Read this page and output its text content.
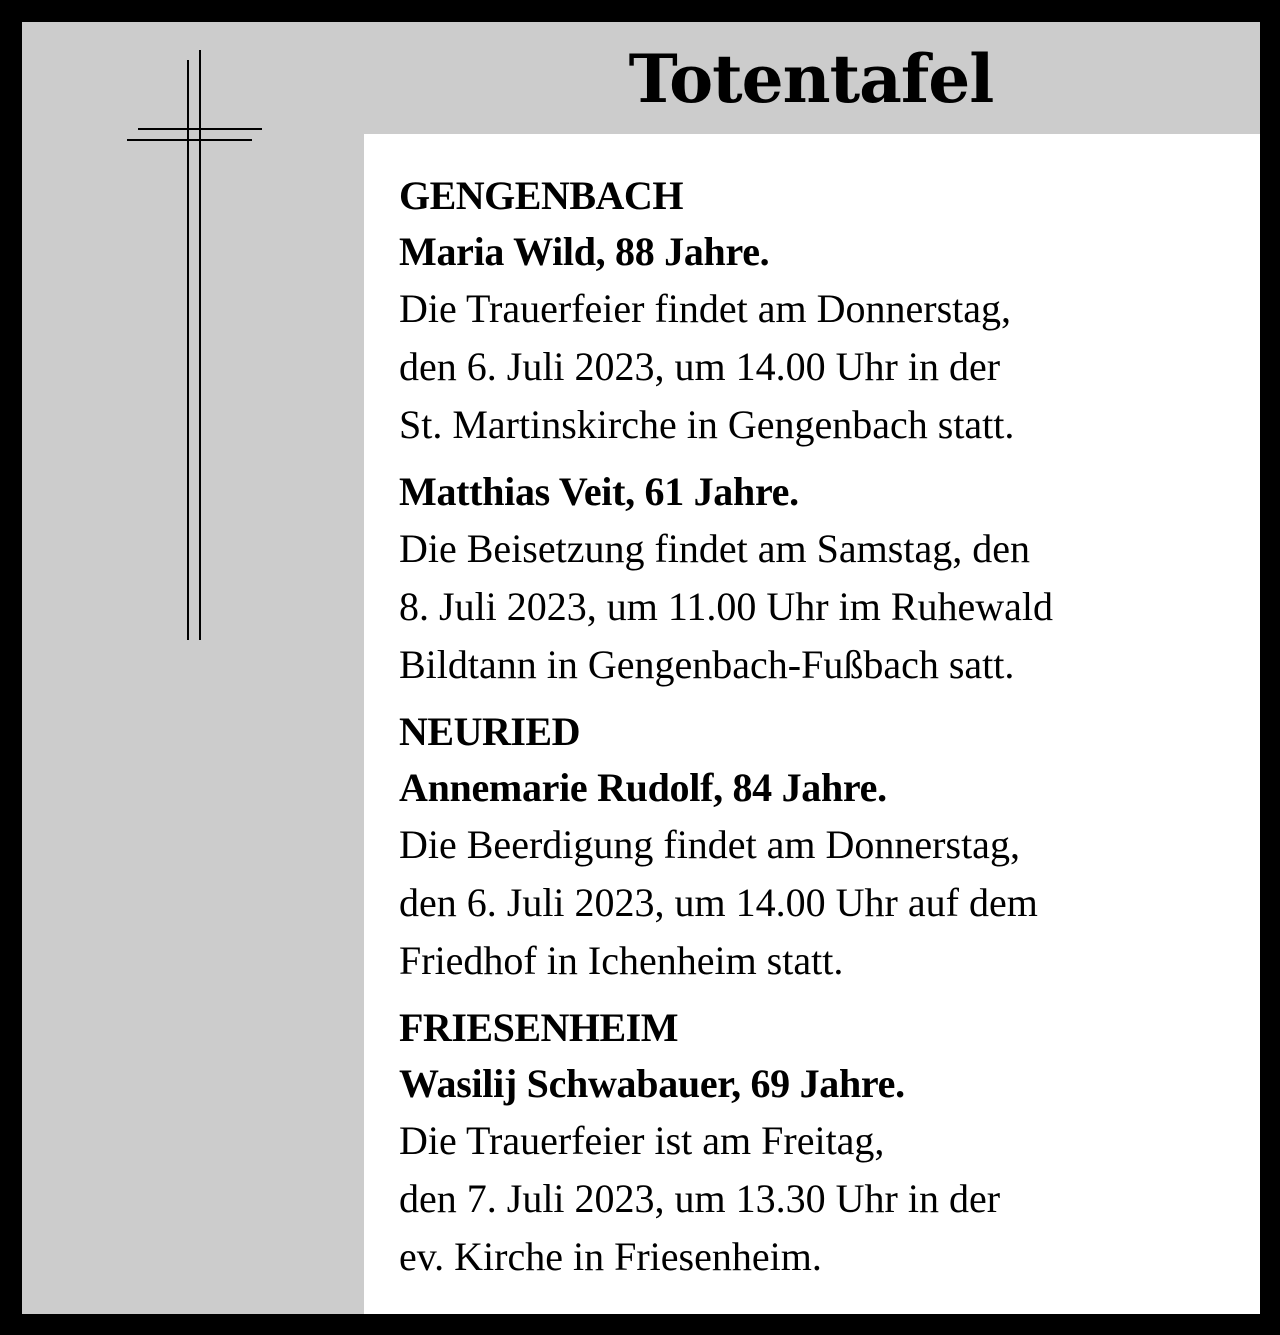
Totentafel

GENGENBACH

Maria Wild, 88 Jahre.

Die Trauerfeier findet am Donnerstag,

den 6. Juli 2023, um 14.00 Uhr in der

St. Martinskirche in Gengenbach statt.

Matthias Veit, 61 Jahre.

Die Beisetzung findet am Samstag, den

8. Juli 2023, um 11.00 Uhr im Ruhewald

Bildtann in Gengenbach-Fußbach satt.

NEURIED

Annemarie Rudolf, 84 Jahre.

Die Beerdigung findet am Donnerstag,

den 6. Juli 2023, um 14.00 Uhr auf dem

Friedhof in Ichenheim statt.

FRIESENHEIM

Wasilij Schwabauer, 69 Jahre.

Die Trauerfeier ist am Freitag,

den 7. Juli 2023, um 13.30 Uhr in der

ev. Kirche in Friesenheim.
